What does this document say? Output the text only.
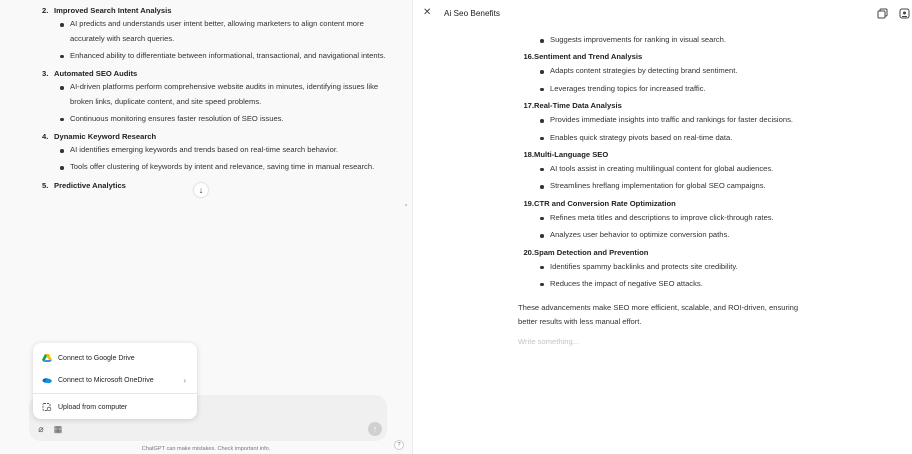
2. Improved Search Intent Analysis
AI predicts and understands user intent better, allowing marketers to align content more accurately with search queries.
Enhanced ability to differentiate between informational, transactional, and navigational intents.
3. Automated SEO Audits
AI-driven platforms perform comprehensive website audits in minutes, identifying issues like broken links, duplicate content, and site speed problems.
Continuous monitoring ensures faster resolution of SEO issues.
4. Dynamic Keyword Research
AI identifies emerging keywords and trends based on real-time search behavior.
Tools offer clustering of keywords by intent and relevance, saving time in manual research.
5. Predictive Analytics	↓
⌀ ▦	↑
Connect to Google Drive
Connect to Microsoft OneDrive	›
Upload from computer
ChatGPT can make mistakes. Check important info.
?
✕ Ai Seo Benefits
Suggests improvements for ranking in visual search.
16. Sentiment and Trend Analysis
Adapts content strategies by detecting brand sentiment.
Leverages trending topics for increased traffic.
17. Real-Time Data Analysis
Provides immediate insights into traffic and rankings for faster decisions.
Enables quick strategy pivots based on real-time data.
18. Multi-Language SEO
AI tools assist in creating multilingual content for global audiences.
Streamlines hreflang implementation for global SEO campaigns.
19. CTR and Conversion Rate Optimization
Refines meta titles and descriptions to improve click-through rates.
Analyzes user behavior to optimize conversion paths.
20. Spam Detection and Prevention
Identifies spammy backlinks and protects site credibility.
Reduces the impact of negative SEO attacks.

These advancements make SEO more efficient, scalable, and ROI-driven, ensuring better results with less manual effort.

Write something...
